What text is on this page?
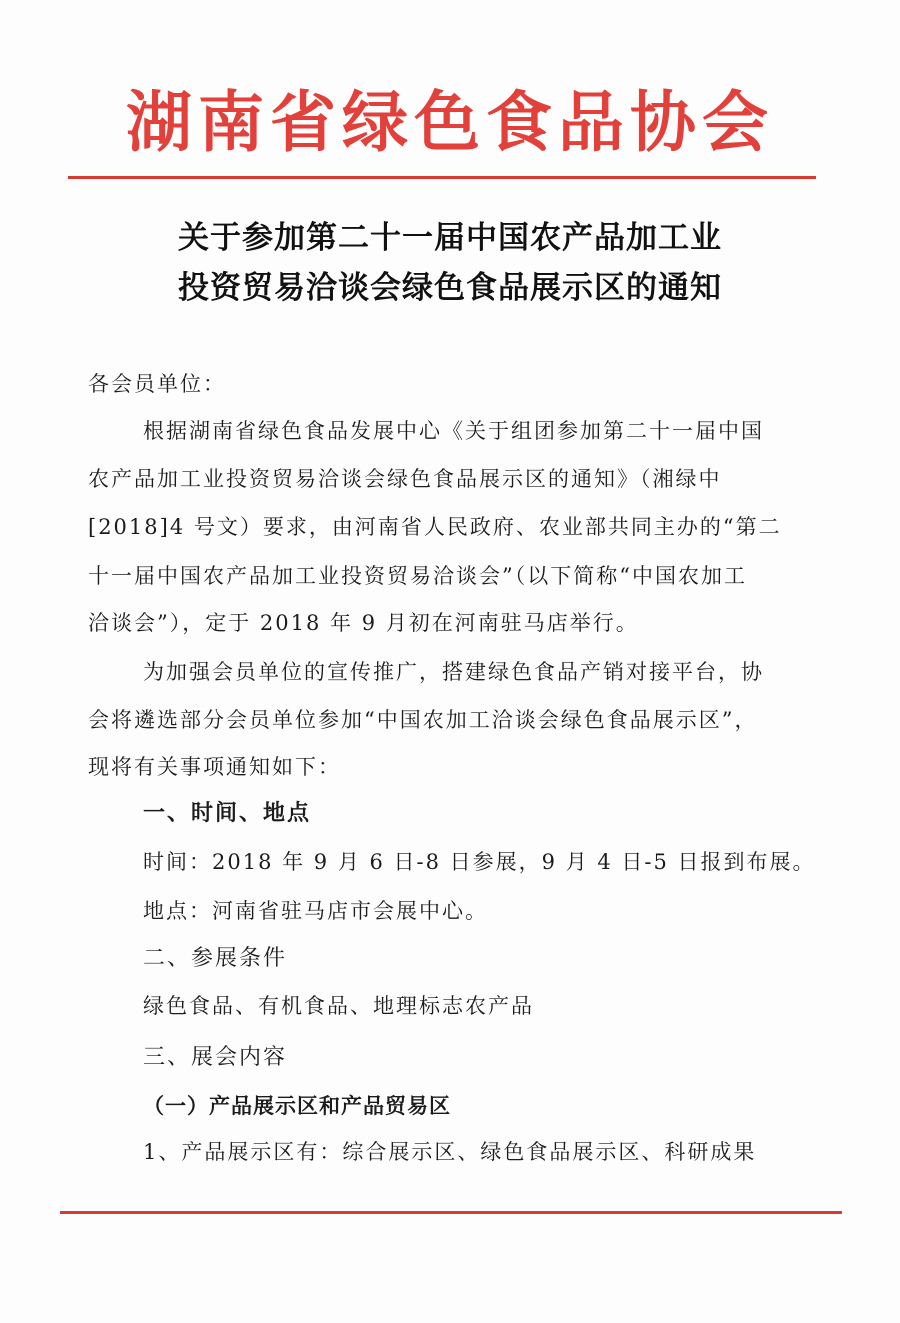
湖南省绿色食品协会
关于参加第二十一届中国农产品加工业
投资贸易洽谈会绿色食品展示区的通知
各会员单位：
根据湖南省绿色食品发展中心《关于组团参加第二十一届中国
农产品加工业投资贸易洽谈会绿色食品展示区的通知》（湘绿中
[2018]4 号文）要求，由河南省人民政府、农业部共同主办的“第二
十一届中国农产品加工业投资贸易洽谈会”（以下简称“中国农加工
洽谈会”），定于 2018 年 9 月初在河南驻马店举行。
为加强会员单位的宣传推广，搭建绿色食品产销对接平台，协
会将遴选部分会员单位参加“中国农加工洽谈会绿色食品展示区”，
现将有关事项通知如下：
一、时间、地点
时间：2018 年 9 月 6 日-8 日参展，9 月 4 日-5 日报到布展。
地点：河南省驻马店市会展中心。
二、参展条件
绿色食品、有机食品、地理标志农产品
三、展会内容
（一）产品展示区和产品贸易区
1、产品展示区有：综合展示区、绿色食品展示区、科研成果
